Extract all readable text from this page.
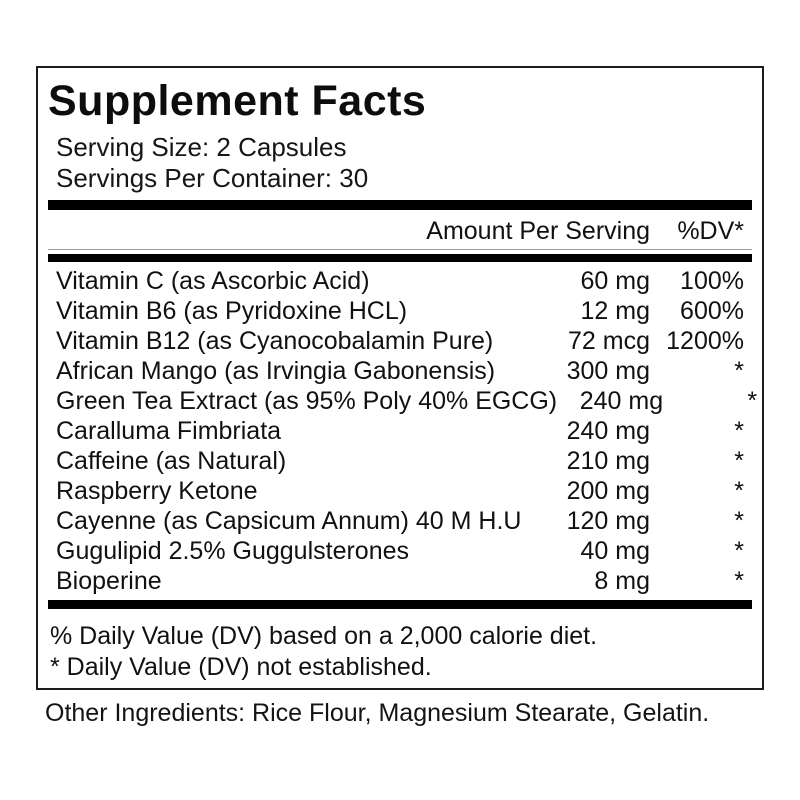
Supplement Facts
Serving Size: 2 Capsules
Servings Per Container: 30
Amount Per Serving	%DV*
Vitamin C (as Ascorbic Acid)	60 mg	100%
Vitamin B6 (as Pyridoxine HCL)	12 mg	600%
Vitamin B12 (as Cyanocobalamin Pure)	72 mcg 1200%
African Mango (as Irvingia Gabonensis)	300 mg	*
Green Tea Extract (as 95% Poly 40% EGCG) 240 mg	*
Caralluma Fimbriata	240 mg	*
Caffeine (as Natural)	210 mg	*
Raspberry Ketone	200 mg	*
Cayenne (as Capsicum Annum) 40 M H.U	120 mg	*
Gugulipid 2.5% Guggulsterones	40 mg	*
Bioperine	8 mg	*
% Daily Value (DV) based on a 2,000 calorie diet.
* Daily Value (DV) not established.
Other Ingredients: Rice Flour, Magnesium Stearate, Gelatin.
